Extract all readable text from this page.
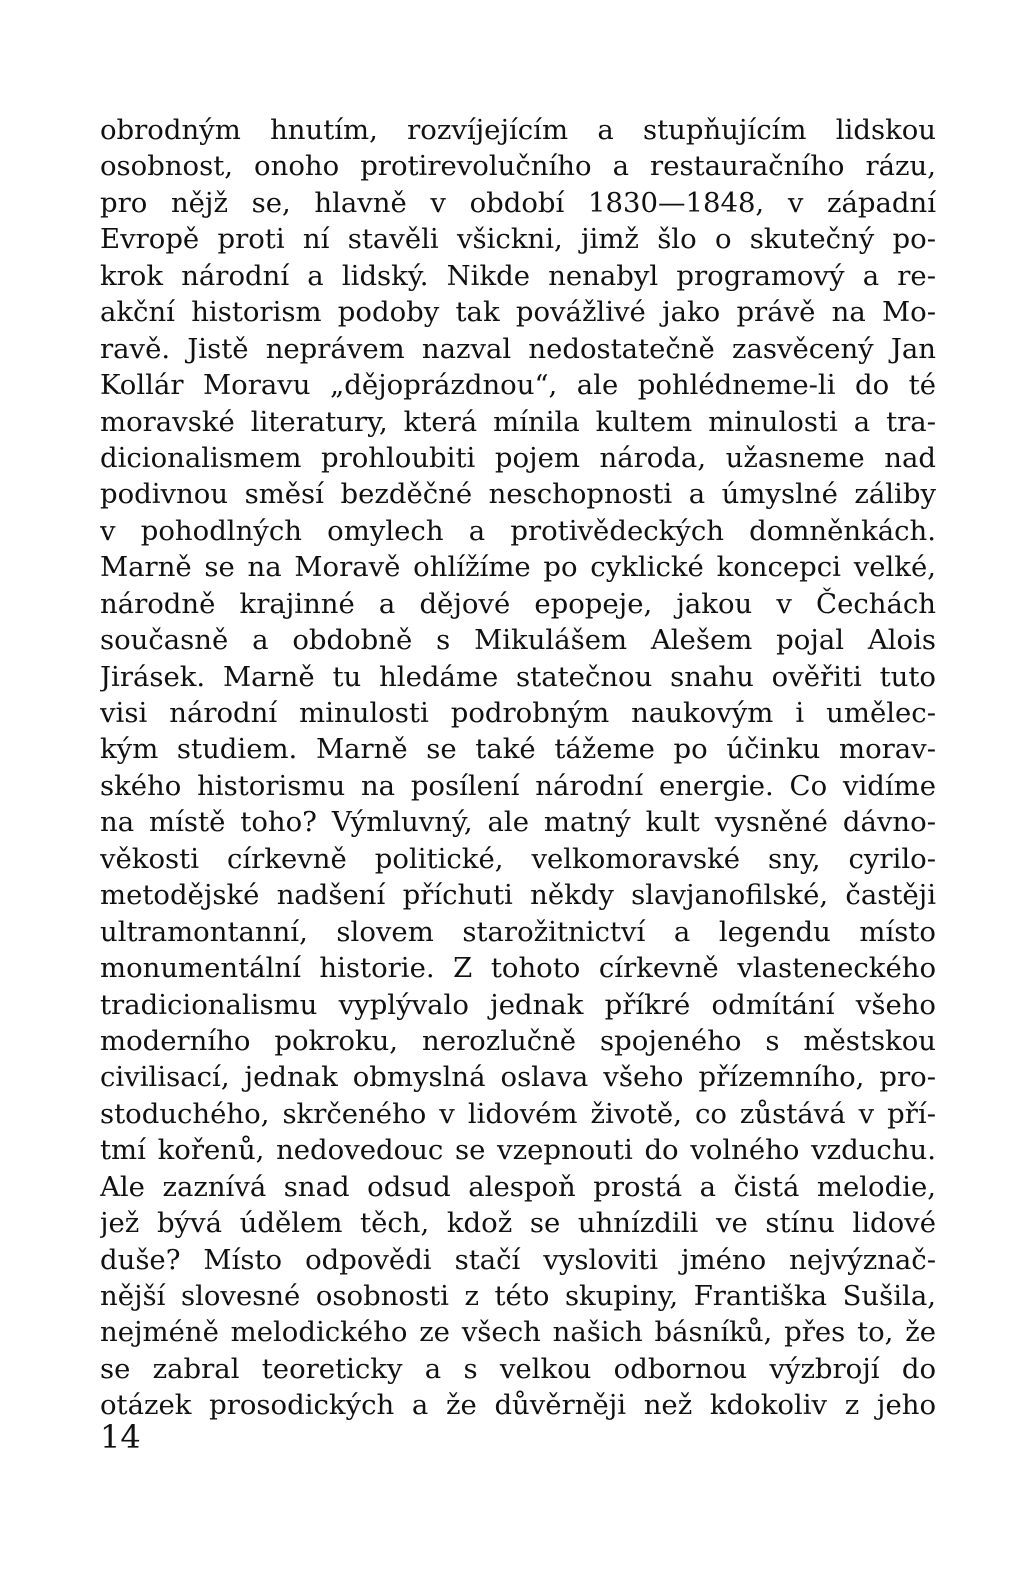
obrodným hnutím, rozvíjejícím a stupňujícím lidskou
osobnost, onoho protirevolučního a restauračního rázu,
pro nějž se, hlavně v období 1830—1848, v západní
Evropě proti ní stavěli všickni, jimž šlo o skutečný po-
krok národní a lidský. Nikde nenabyl programový a re-
akční historism podoby tak povážlivé jako právě na Mo-
ravě. Jistě neprávem nazval nedostatečně zasvěcený Jan
Kollár Moravu „dějoprázdnou“, ale pohlédneme-li do té
moravské literatury, která mínila kultem minulosti a tra-
dicionalismem prohloubiti pojem národa, užasneme nad
podivnou směsí bezděčné neschopnosti a úmyslné záliby
v pohodlných omylech a protivědeckých domněnkách.
Marně se na Moravě ohlížíme po cyklické koncepci velké,
národně krajinné a dějové epopeje, jakou v Čechách
současně a obdobně s Mikulášem Alešem pojal Alois
Jirásek. Marně tu hledáme statečnou snahu ověřiti tuto
visi národní minulosti podrobným naukovým i umělec-
kým studiem. Marně se také tážeme po účinku morav-
ského historismu na posílení národní energie. Co vidíme
na místě toho? Výmluvný, ale matný kult vysněné dávno-
věkosti církevně politické, velkomoravské sny, cyrilo-
metodějské nadšení příchuti někdy slavjanofilské, častěji
ultramontanní, slovem starožitnictví a legendu místo
monumentální historie. Z tohoto církevně vlasteneckého
tradicionalismu vyplývalo jednak příkré odmítání všeho
moderního pokroku, nerozlučně spojeného s městskou
civilisací, jednak obmyslná oslava všeho přízemního, pro-
stoduchého, skrčeného v lidovém životě, co zůstává v pří-
tmí kořenů, nedovedouc se vzepnouti do volného vzduchu.
Ale zaznívá snad odsud alespoň prostá a čistá melodie,
jež bývá údělem těch, kdož se uhnízdili ve stínu lidové
duše? Místo odpovědi stačí vysloviti jméno nejvýznač-
nější slovesné osobnosti z této skupiny, Františka Sušila,
nejméně melodického ze všech našich básníků, přes to, že
se zabral teoreticky a s velkou odbornou výzbrojí do
otázek prosodických a že důvěrněji než kdokoliv z jeho
14
